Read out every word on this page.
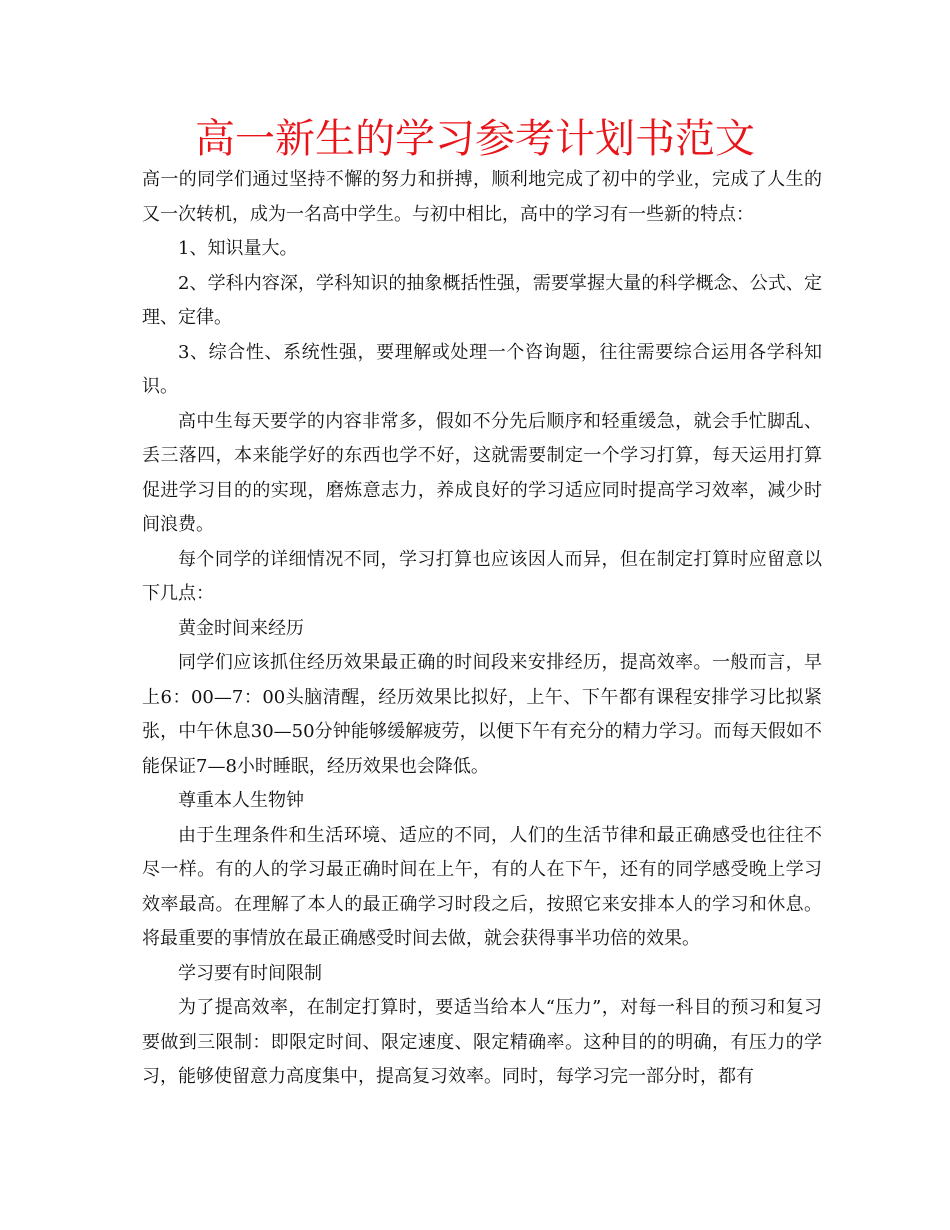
高一新生的学习参考计划书范文

高一的同学们通过坚持不懈的努力和拼搏，顺利地完成了初中的学业，完成了人生的又一次转机，成为一名高中学生。与初中相比，高中的学习有一些新的特点：

1、知识量大。

2、学科内容深，学科知识的抽象概括性强，需要掌握大量的科学概念、公式、定理、定律。

3、综合性、系统性强，要理解或处理一个咨询题，往往需要综合运用各学科知识。

高中生每天要学的内容非常多，假如不分先后顺序和轻重缓急，就会手忙脚乱、丢三落四，本来能学好的东西也学不好，这就需要制定一个学习打算，每天运用打算促进学习目的的实现，磨炼意志力，养成良好的学习适应同时提高学习效率，减少时间浪费。

每个同学的详细情况不同，学习打算也应该因人而异，但在制定打算时应留意以下几点：

黄金时间来经历

同学们应该抓住经历效果最正确的时间段来安排经历，提高效率。一般而言，早上6：00—7：00头脑清醒，经历效果比拟好，上午、下午都有课程安排学习比拟紧张，中午休息30—50分钟能够缓解疲劳，以便下午有充分的精力学习。而每天假如不能保证7—8小时睡眠，经历效果也会降低。

尊重本人生物钟

由于生理条件和生活环境、适应的不同，人们的生活节律和最正确感受也往往不尽一样。有的人的学习最正确时间在上午，有的人在下午，还有的同学感受晚上学习效率最高。在理解了本人的最正确学习时段之后，按照它来安排本人的学习和休息。将最重要的事情放在最正确感受时间去做，就会获得事半功倍的效果。

学习要有时间限制

为了提高效率，在制定打算时，要适当给本人“压力”，对每一科目的预习和复习要做到三限制：即限定时间、限定速度、限定精确率。这种目的的明确，有压力的学习，能够使留意力高度集中，提高复习效率。同时，每学习完一部分时，都有
